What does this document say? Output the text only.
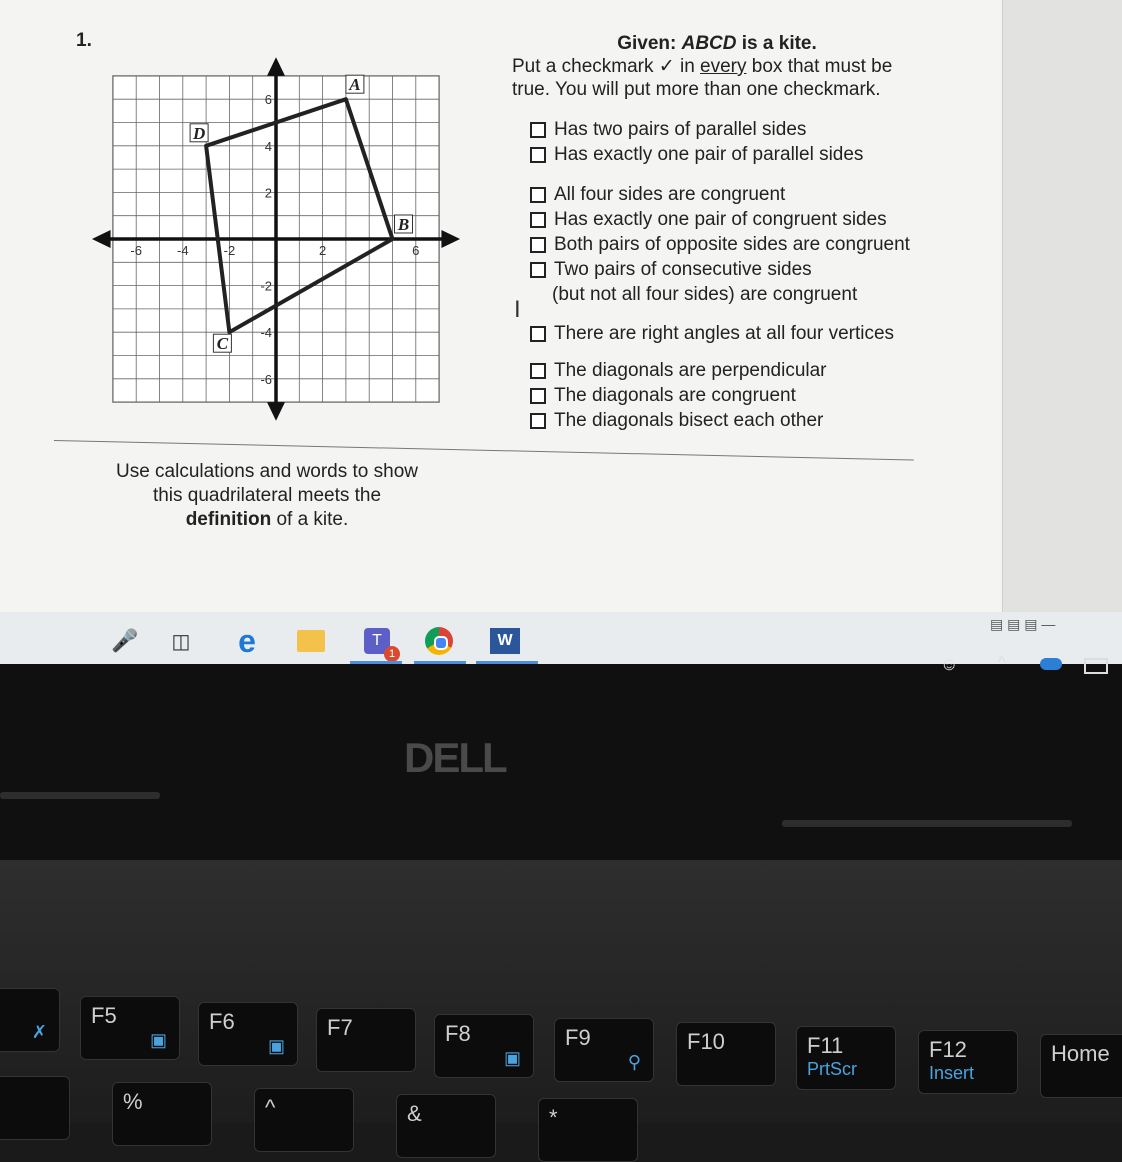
1.
-6	-4	-2	2	6
6
4
2
-2
-4
-6
A
B
C
D
Given: ABCD is a kite.
Put a checkmark ✓ in every box that must be true. You will put more than one checkmark.
Has two pairs of parallel sides
Has exactly one pair of parallel sides
All four sides are congruent
Has exactly one pair of congruent sides
Both pairs of opposite sides are congruent
Two pairs of consecutive sides
(but not all four sides) are congruent
There are right angles at all four vertices
The diagonals are perpendicular
The diagonals are congruent
The diagonals bisect each other
I
Use calculations and words to show
this quadrilateral meets the
definition of a kite.
🎤 ◫ e	T
1
W
▤ ▤ ▤ —
☺ ^
DELL
✗
F5
▣
F6
▣
F7	F8
▣
F9
⚲
F10	F11
PrtScr
F12
Insert
Home
%	^	&	*
